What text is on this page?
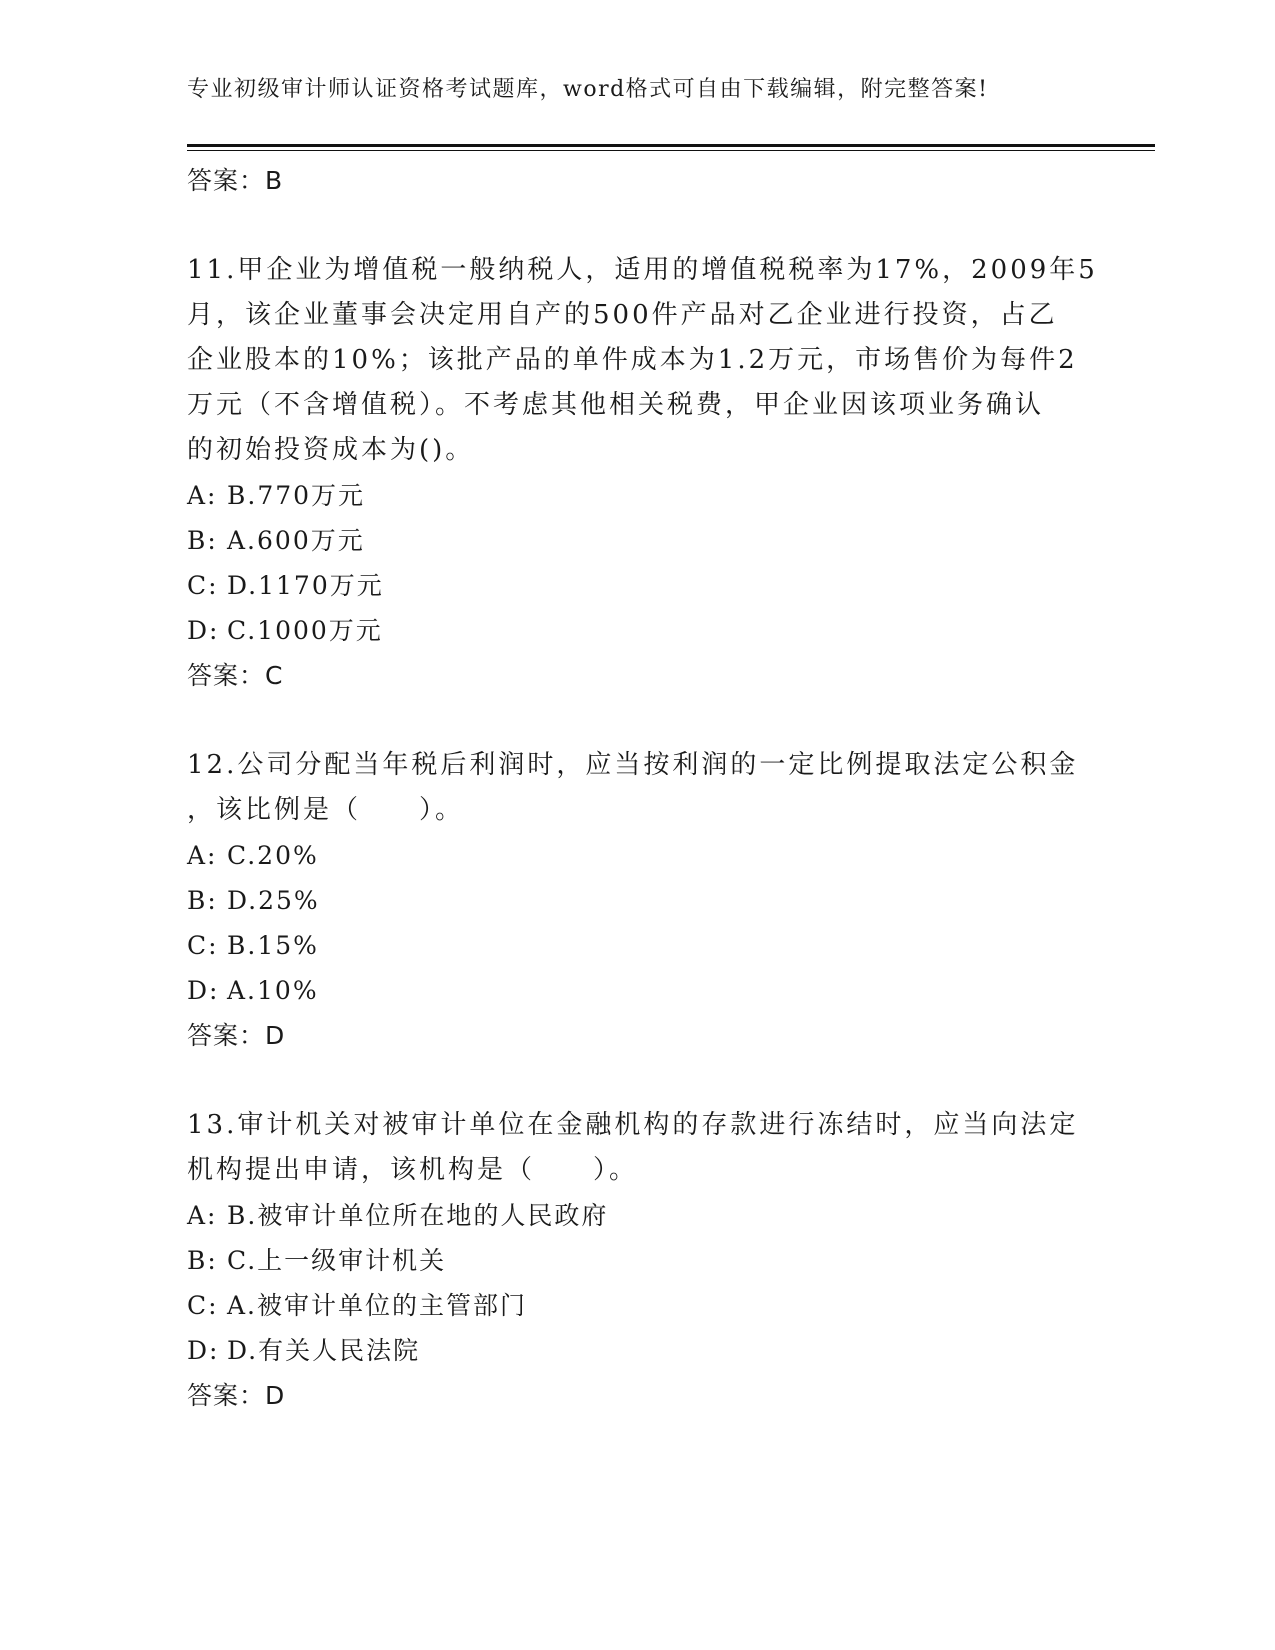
专业初级审计师认证资格考试题库，word格式可自由下载编辑，附完整答案!
答案：B
11.甲企业为增值税一般纳税人，适用的增值税税率为17%，2009年5
月，该企业董事会决定用自产的500件产品对乙企业进行投资，占乙
企业股本的10%；该批产品的单件成本为1.2万元，市场售价为每件2
万元（不含增值税）。不考虑其他相关税费，甲企业因该项业务确认
的初始投资成本为()。
A: B.770万元
B: A.600万元
C: D.1170万元
D: C.1000万元
答案：C
12.公司分配当年税后利润时，应当按利润的一定比例提取法定公积金
，该比例是（　　）。
A: C.20%
B: D.25%
C: B.15%
D: A.10%
答案：D
13.审计机关对被审计单位在金融机构的存款进行冻结时，应当向法定
机构提出申请，该机构是（　　）。
A: B.被审计单位所在地的人民政府
B: C.上一级审计机关
C: A.被审计单位的主管部门
D: D.有关人民法院
答案：D
